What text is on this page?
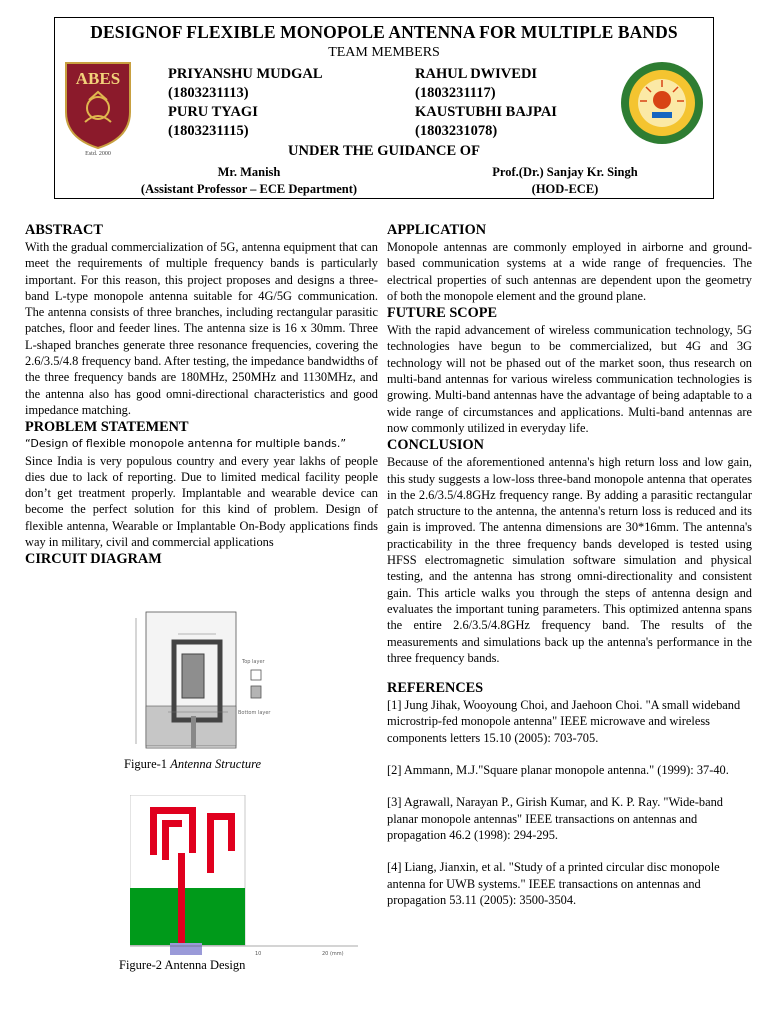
DESIGNOF FLEXIBLE MONOPOLE ANTENNA FOR MULTIPLE BANDS
TEAM MEMBERS
ABES
Estd. 2000
PRIYANSHU MUDGAL
(1803231113)
PURU TYAGI
(1803231115)
RAHUL DWIVEDI
(1803231117)
KAUSTUBHI BAJPAI
(1803231078)
UNDER THE GUIDANCE OF
Mr. Manish
(Assistant Professor – ECE Department)
Prof.(Dr.) Sanjay Kr. Singh
(HOD-ECE)
ABSTRACT
With the gradual commercialization of 5G, antenna equipment that can meet the requirements of multiple frequency bands is particularly important. For this reason, this project proposes and designs a three-band L-type monopole antenna suitable for 4G/5G communication. The antenna consists of three branches, including rectangular parasitic patches, floor and feeder lines. The antenna size is 16 x 30mm. Three L-shaped branches generate three resonance frequencies, covering the 2.6/3.5/4.8 frequency band. After testing, the impedance bandwidths of the three frequency bands are 180MHz, 250MHz and 1130MHz, and the antenna also has good omni-directional characteristics and good impedance matching.
PROBLEM STATEMENT
“Design of flexible monopole antenna for multiple bands.”
Since India is very populous country and every year lakhs of people dies due to lack of reporting. Due to limited medical facility people don’t get treatment properly. Implantable and wearable device can become the perfect solution for this kind of problem. Design of flexible antenna, Wearable or Implantable On-Body applications finds way in military, civil and commercial applications
CIRCUIT DIAGRAM
Top layer
Bottom layer
Figure-1 Antenna Structure
10	20 (mm)
Figure-2 Antenna Design
APPLICATION
Monopole antennas are commonly employed in airborne and ground-based communication systems at a wide range of frequencies. The electrical properties of such antennas are dependent upon the geometry of both the monopole element and the ground plane.
FUTURE SCOPE
With the rapid advancement of wireless communication technology, 5G technologies have begun to be commercialized, but 4G and 3G technology will not be phased out of the market soon, thus research on multi-band antennas for various wireless communication technologies is growing. Multi-band antennas have the advantage of being adaptable to a wide range of circumstances and applications. Multi-band antennas are now commonly utilized in everyday life.
CONCLUSION
Because of the aforementioned antenna's high return loss and low gain, this study suggests a low-loss three-band monopole antenna that operates in the 2.6/3.5/4.8GHz frequency range. By adding a parasitic rectangular patch structure to the antenna, the antenna's return loss is reduced and its gain is improved. The antenna dimensions are 30*16mm. The antenna's practicability in the three frequency bands developed is tested using HFSS electromagnetic simulation software simulation and physical testing, and the antenna has strong omni-directionality and consistent gain. This article walks you through the steps of antenna design and evaluates the important tuning parameters. This optimized antenna spans the entire 2.6/3.5/4.8GHz frequency band. The results of the measurements and simulations back up the antenna's performance in the three frequency bands.
REFERENCES
[1] Jung Jihak, Wooyoung Choi, and Jaehoon Choi. "A small wideband microstrip-fed monopole antenna" IEEE microwave and wireless components letters 15.10 (2005): 703-705.
[2] Ammann, M.J."Square planar monopole antenna." (1999): 37-40.
[3] Agrawall, Narayan P., Girish Kumar, and K. P. Ray. "Wide-band planar monopole antennas" IEEE transactions on antennas and propagation 46.2 (1998): 294-295.
[4] Liang, Jianxin, et al. "Study of a printed circular disc monopole antenna for UWB systems." IEEE transactions on antennas and propagation 53.11 (2005): 3500-3504.
